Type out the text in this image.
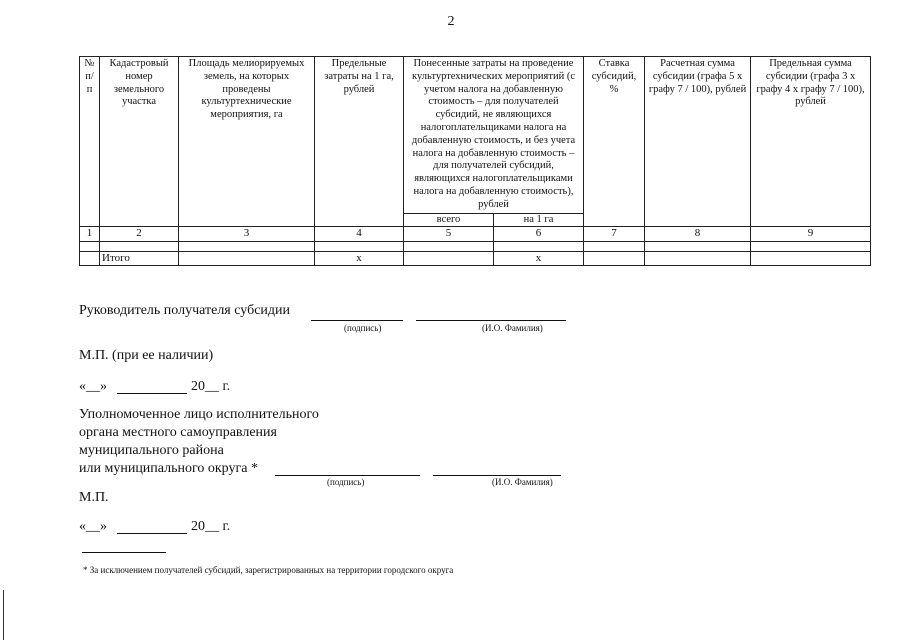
2
№ п/п	Кадастровый номер земельного участка	Площадь мелиорируемых земель, на которых проведены культуртехнические мероприятия, га	Предельные затраты на 1 га, рублей	Понесенные затраты на проведение культуртехнических мероприятий (с учетом налога на добавленную стоимость – для получателей субсидий, не являющихся налогоплательщиками налога на добавленную стоимость, и без учета налога на добавленную стоимость – для получателей субсидий, являющихся налогоплательщиками налога на добавленную стоимость), рублей		Ставка субсидий, %	Расчетная сумма субсидии (графа 5 х графу 7 / 100), рублей	Предельная сумма субсидии (графа 3 х графу 4 х графу 7 / 100), рублей
				всего	на 1 га			
1	2	3	4	5	6	7	8	9

	Итого		х		х			
Руководитель получателя субсидии
(подпись)	(И.О. Фамилия)
М.П. (при ее наличии)
«__»	20__ г.
Уполномоченное лицо исполнительного
органа местного самоуправления
муниципального района
или муниципального округа *
(подпись)	(И.О. Фамилия)
М.П.
«__»	20__ г.
* За исключением получателей субсидий, зарегистрированных на территории городского округа
